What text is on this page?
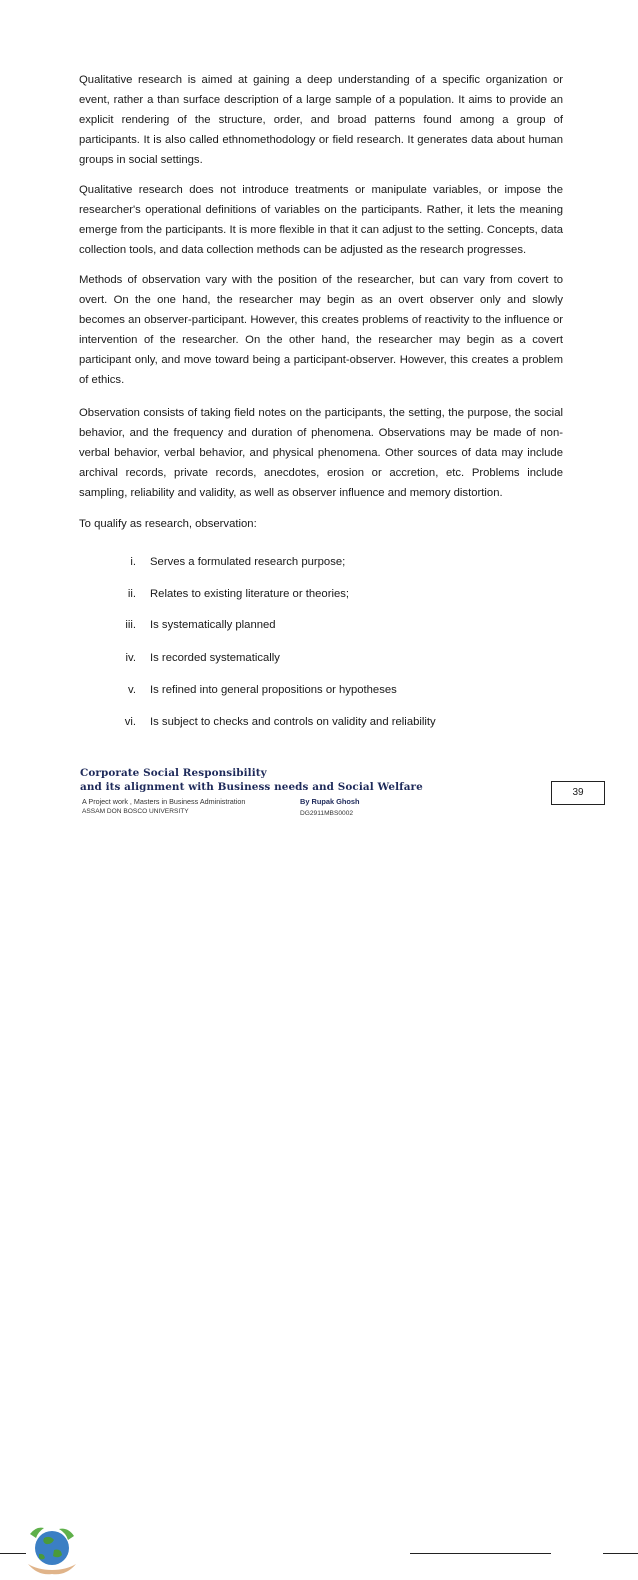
Qualitative research is aimed at gaining a deep understanding of a specific organization or event, rather a than surface description of a large sample of a population. It aims to provide an explicit rendering of the structure, order, and broad patterns found among a group of participants. It is also called ethnomethodology or field research. It generates data about human groups in social settings.

Qualitative research does not introduce treatments or manipulate variables, or impose the researcher's operational definitions of variables on the participants. Rather, it lets the meaning emerge from the participants. It is more flexible in that it can adjust to the setting. Concepts, data collection tools, and data collection methods can be adjusted as the research progresses.

Methods of observation vary with the position of the researcher, but can vary from covert to overt. On the one hand, the researcher may begin as an overt observer only and slowly becomes an observer-participant. However, this creates problems of reactivity to the influence or intervention of the researcher. On the other hand, the researcher may begin as a covert participant only, and move toward being a participant-observer. However, this creates a problem of ethics.

Observation consists of taking field notes on the participants, the setting, the purpose, the social behavior, and the frequency and duration of phenomena. Observations may be made of non-verbal behavior, verbal behavior, and physical phenomena. Other sources of data may include archival records, private records, anecdotes, erosion or accretion, etc. Problems include sampling, reliability and validity, as well as observer influence and memory distortion.

To qualify as research, observation:
i. Serves a formulated research purpose;
ii. Relates to existing literature or theories;
iii. Is systematically planned
iv. Is recorded systematically
v. Is refined into general propositions or hypotheses
vi. Is subject to checks and controls on validity and reliability
Corporate Social Responsibility
and its alignment with Business needs and Social Welfare
A Project work , Masters in Business Administration
ASSAM DON BOSCO UNIVERSITY
By Rupak Ghosh
DG2911MBS0002
39
